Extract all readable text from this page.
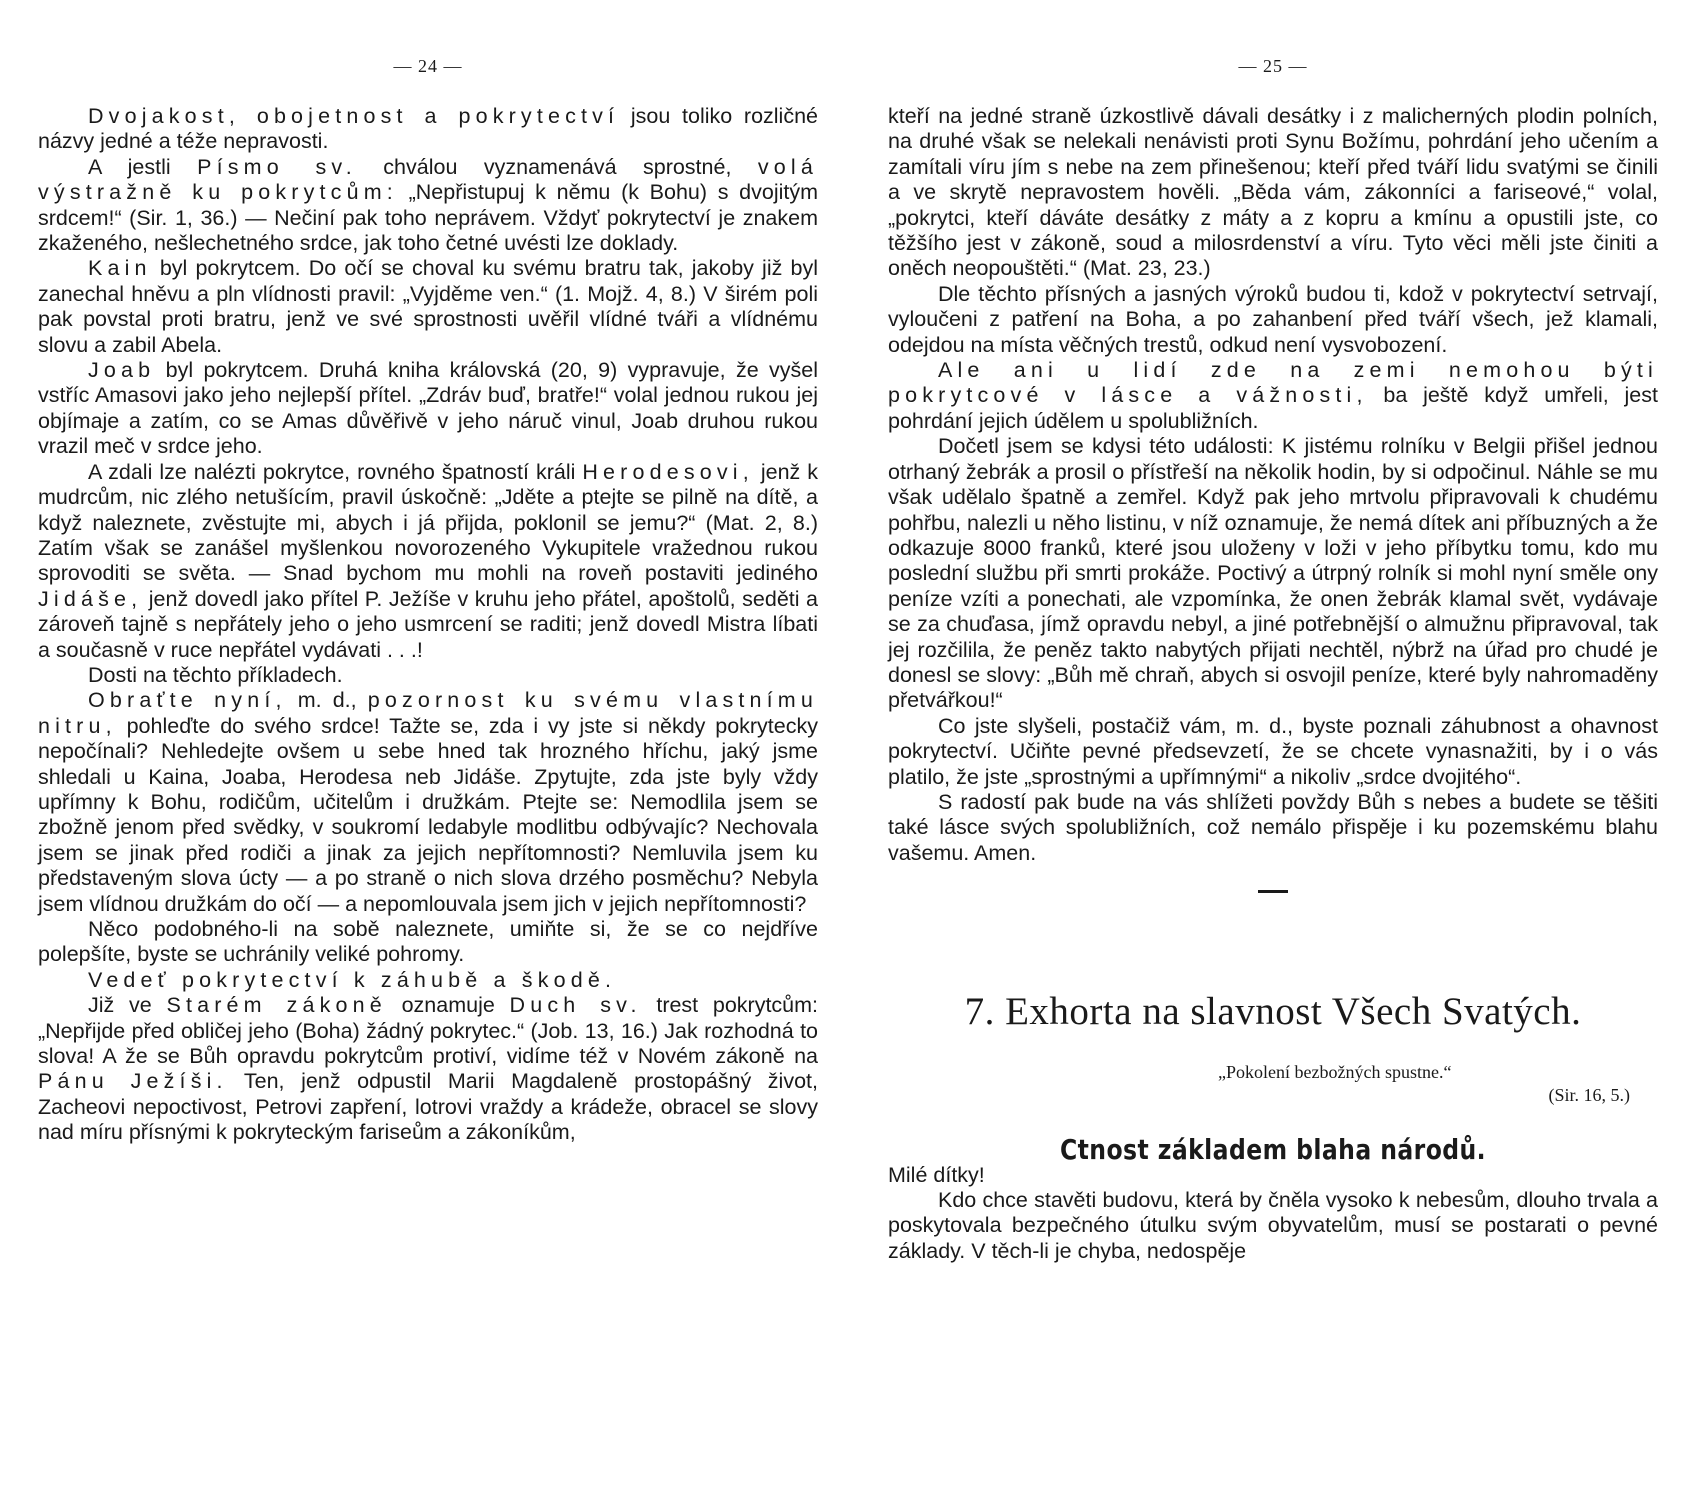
— 24 —

Dvojakost, obojetnost a pokrytectví jsou toliko rozličné názvy jedné a téže nepravosti.

A jestli Písmo sv. chválou vyznamenává sprostné, volá výstražně ku pokrytcům: „Nepřistupuj k němu (k Bohu) s dvojitým srdcem!“ (Sir. 1, 36.) — Nečiní pak toho neprávem. Vždyť pokrytectví je znakem zkaženého, nešlechetného srdce, jak toho četné uvésti lze doklady.

Kain byl pokrytcem. Do očí se choval ku svému bratru tak, jakoby již byl zanechal hněvu a pln vlídnosti pravil: „Vyjděme ven.“ (1. Mojž. 4, 8.) V širém poli pak povstal proti bratru, jenž ve své sprostnosti uvěřil vlídné tváři a vlídnému slovu a zabil Abela.

Joab byl pokrytcem. Druhá kniha královská (20, 9) vypravuje, že vyšel vstříc Amasovi jako jeho nejlepší přítel. „Zdráv buď, bratře!“ volal jednou rukou jej objímaje a zatím, co se Amas důvěřivě v jeho náruč vinul, Joab druhou rukou vrazil meč v srdce jeho.

A zdali lze nalézti pokrytce, rovného špatností králi Herodesovi, jenž k mudrcům, nic zlého netušícím, pravil úskočně: „Jděte a ptejte se pilně na dítě, a když naleznete, zvěstujte mi, abych i já přijda, poklonil se jemu?“ (Mat. 2, 8.) Zatím však se zanášel myšlenkou novorozeného Vykupitele vražednou rukou sprovoditi se světa. — Snad bychom mu mohli na roveň postaviti jediného Jidáše, jenž dovedl jako přítel P. Ježíše v kruhu jeho přátel, apoštolů, seděti a zároveň tajně s nepřátely jeho o jeho usmrcení se raditi; jenž dovedl Mistra líbati a současně v ruce nepřátel vydávati . . .!

Dosti na těchto příkladech.

Obraťte nyní, m. d., pozornost ku svému vlastnímu nitru, pohleďte do svého srdce! Tažte se, zda i vy jste si někdy pokrytecky nepočínali? Nehledejte ovšem u sebe hned tak hrozného hříchu, jaký jsme shledali u Kaina, Joaba, Herodesa neb Jidáše. Zpytujte, zda jste byly vždy upřímny k Bohu, rodičům, učitelům i družkám. Ptejte se: Nemodlila jsem se zbožně jenom před svědky, v soukromí ledabyle modlitbu odbývajíc? Nechovala jsem se jinak před rodiči a jinak za jejich nepřítomnosti? Nemluvila jsem ku představeným slova úcty — a po straně o nich slova drzého posměchu? Nebyla jsem vlídnou družkám do očí — a nepomlouvala jsem jich v jejich nepřítomnosti?

Něco podobného-li na sobě naleznete, umiňte si, že se co nejdříve polepšíte, byste se uchránily veliké pohromy.

Vedeť pokrytectví k záhubě a škodě.

Již ve Starém zákoně oznamuje Duch sv. trest pokrytcům: „Nepřijde před obličej jeho (Boha) žádný pokrytec.“ (Job. 13, 16.) Jak rozhodná to slova! A že se Bůh opravdu pokrytcům protiví, vidíme též v Novém zákoně na Pánu Ježíši. Ten, jenž odpustil Marii Magdaleně prostopášný život, Zacheovi nepoctivost, Petrovi zapření, lotrovi vraždy a krádeže, obracel se slovy nad míru přísnými k pokryteckým fariseům a zákoníkům,

— 25 —

kteří na jedné straně úzkostlivě dávali desátky i z malicherných plodin polních, na druhé však se nelekali nenávisti proti Synu Božímu, pohrdání jeho učením a zamítali víru jím s nebe na zem přinešenou; kteří před tváří lidu svatými se činili a ve skrytě nepravostem hověli. „Běda vám, zákonníci a fariseové,“ volal, „pokrytci, kteří dáváte desátky z máty a z kopru a kmínu a opustili jste, co těžšího jest v zákoně, soud a milosrdenství a víru. Tyto věci měli jste činiti a oněch neopouštěti.“ (Mat. 23, 23.)

Dle těchto přísných a jasných výroků budou ti, kdož v pokrytectví setrvají, vyloučeni z patření na Boha, a po zahanbení před tváří všech, jež klamali, odejdou na místa věčných trestů, odkud není vysvobození.

Ale ani u lidí zde na zemi nemohou býti pokrytcové v lásce a vážnosti, ba ještě když umřeli, jest pohrdání jejich údělem u spolubližních.

Dočetl jsem se kdysi této události: K jistému rolníku v Belgii přišel jednou otrhaný žebrák a prosil o přístřeší na několik hodin, by si odpočinul. Náhle se mu však udělalo špatně a zemřel. Když pak jeho mrtvolu připravovali k chudému pohřbu, nalezli u něho listinu, v níž oznamuje, že nemá dítek ani příbuzných a že odkazuje 8000 franků, které jsou uloženy v loži v jeho příbytku tomu, kdo mu poslední službu při smrti prokáže. Poctivý a útrpný rolník si mohl nyní směle ony peníze vzíti a ponechati, ale vzpomínka, že onen žebrák klamal svět, vydávaje se za chuďasa, jímž opravdu nebyl, a jiné potřebnější o almužnu připravoval, tak jej rozčilila, že peněz takto nabytých přijati nechtěl, nýbrž na úřad pro chudé je donesl se slovy: „Bůh mě chraň, abych si osvojil peníze, které byly nahromaděny přetvářkou!“

Co jste slyšeli, postačiž vám, m. d., byste poznali záhubnost a ohavnost pokrytectví. Učiňte pevné předsevzetí, že se chcete vynasnažiti, by i o vás platilo, že jste „sprostnými a upřímnými“ a nikoliv „srdce dvojitého“.

S radostí pak bude na vás shlížeti povždy Bůh s nebes a budete se těšiti také lásce svých spolubližních, což nemálo přispěje i ku pozemskému blahu vašemu. Amen.

7. Exhorta na slavnost Všech Svatých.
„Pokolení bezbožných spustne.“
(Sir. 16, 5.)
Ctnost základem blaha národů.

Milé dítky!

Kdo chce stavěti budovu, která by čněla vysoko k nebesům, dlouho trvala a poskytovala bezpečného útulku svým obyvatelům, musí se postarati o pevné základy. V těch-li je chyba, nedospěje
